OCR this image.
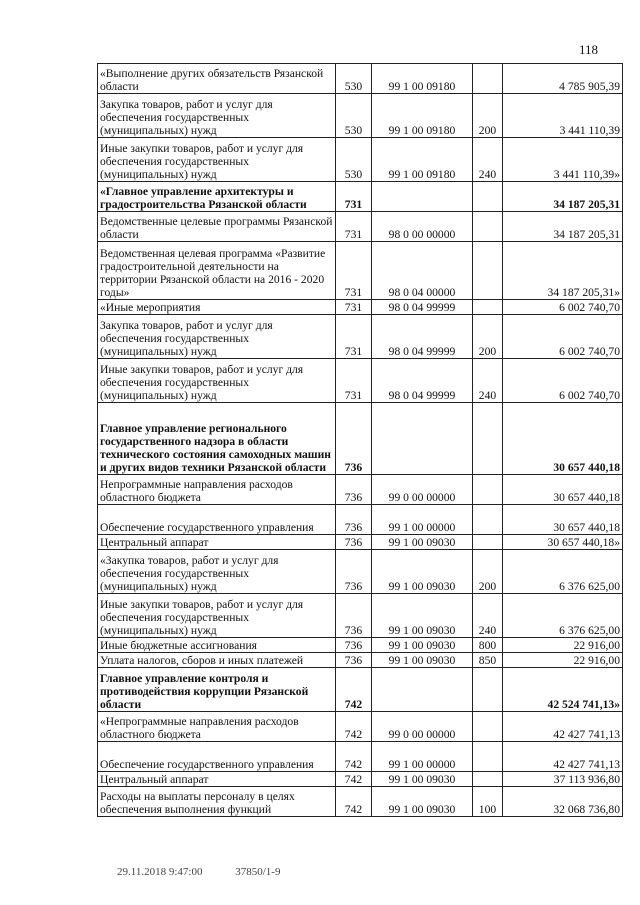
118
«Выполнение других обязательств Рязанской области	530	99 1 00 09180		4 785 905,39
Закупка товаров, работ и услуг для обеспечения государственных (муниципальных) нужд	530	99 1 00 09180	200	3 441 110,39
Иные закупки товаров, работ и услуг для обеспечения государственных (муниципальных) нужд	530	99 1 00 09180	240	3 441 110,39»
«Главное управление архитектуры и градостроительства Рязанской области	731			34 187 205,31
Ведомственные целевые программы Рязанской области	731	98 0 00 00000		34 187 205,31
Ведомственная целевая программа «Развитие градостроительной деятельности на территории Рязанской области на 2016 - 2020 годы»	731	98 0 04 00000		34 187 205,31»
«Иные мероприятия	731	98 0 04 99999		6 002 740,70
Закупка товаров, работ и услуг для обеспечения государственных (муниципальных) нужд	731	98 0 04 99999	200	6 002 740,70
Иные закупки товаров, работ и услуг для обеспечения государственных (муниципальных) нужд	731	98 0 04 99999	240	6 002 740,70
Главное управление регионального государственного надзора в области технического состояния самоходных машин и других видов техники Рязанской области	736			30 657 440,18
Непрограммные направления расходов областного бюджета	736	99 0 00 00000		30 657 440,18
Обеспечение государственного управления	736	99 1 00 00000		30 657 440,18
Центральный аппарат	736	99 1 00 09030		30 657 440,18»
«Закупка товаров, работ и услуг для обеспечения государственных (муниципальных) нужд	736	99 1 00 09030	200	6 376 625,00
Иные закупки товаров, работ и услуг для обеспечения государственных (муниципальных) нужд	736	99 1 00 09030	240	6 376 625,00
Иные бюджетные ассигнования	736	99 1 00 09030	800	22 916,00
Уплата налогов, сборов и иных платежей	736	99 1 00 09030	850	22 916,00
Главное управление контроля и противодействия коррупции Рязанской области	742			42 524 741,13»
«Непрограммные направления расходов областного бюджета	742	99 0 00 00000		42 427 741,13
Обеспечение государственного управления	742	99 1 00 00000		42 427 741,13
Центральный аппарат	742	99 1 00 09030		37 113 936,80
Расходы на выплаты персоналу в целях обеспечения выполнения функций	742	99 1 00 09030	100	32 068 736,80
29.11.2018 9:47:00	37850/1-9
